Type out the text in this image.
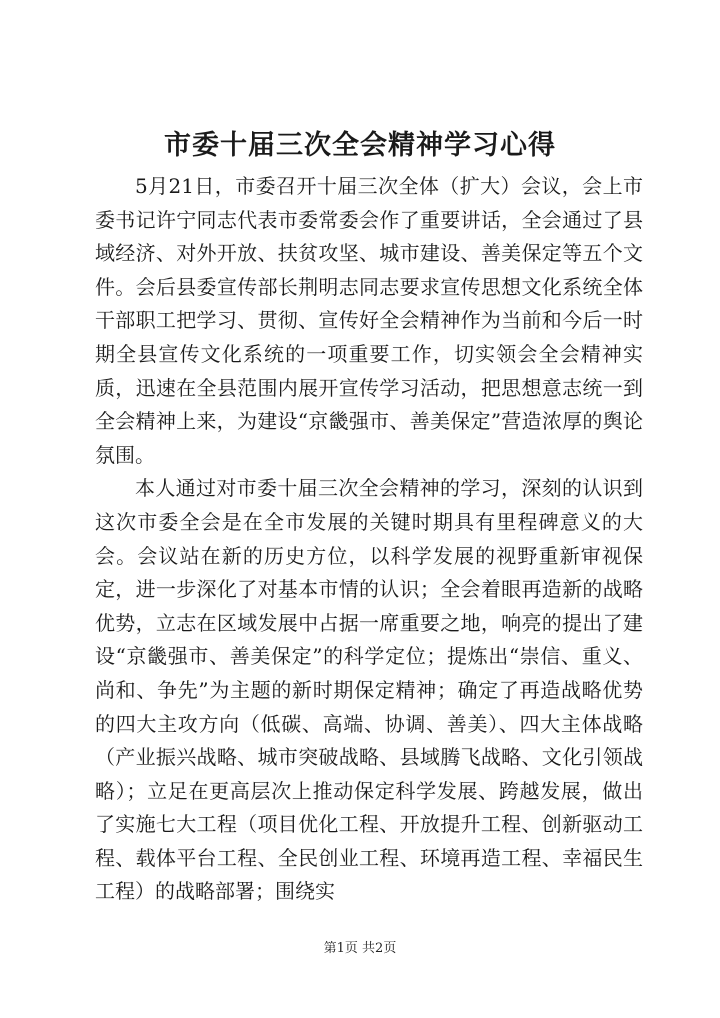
市委十届三次全会精神学习心得

5月21日，市委召开十届三次全体（扩大）会议，会上市委书记许宁同志代表市委常委会作了重要讲话，全会通过了县域经济、对外开放、扶贫攻坚、城市建设、善美保定等五个文件。会后县委宣传部长荆明志同志要求宣传思想文化系统全体干部职工把学习、贯彻、宣传好全会精神作为当前和今后一时期全县宣传文化系统的一项重要工作，切实领会全会精神实质，迅速在全县范围内展开宣传学习活动，把思想意志统一到全会精神上来，为建设“京畿强市、善美保定”营造浓厚的舆论氛围。

本人通过对市委十届三次全会精神的学习，深刻的认识到这次市委全会是在全市发展的关键时期具有里程碑意义的大会。会议站在新的历史方位，以科学发展的视野重新审视保定，进一步深化了对基本市情的认识；全会着眼再造新的战略优势，立志在区域发展中占据一席重要之地，响亮的提出了建设“京畿强市、善美保定”的科学定位；提炼出“崇信、重义、尚和、争先”为主题的新时期保定精神；确定了再造战略优势的四大主攻方向（低碳、高端、协调、善美）、四大主体战略（产业振兴战略、城市突破战略、县域腾飞战略、文化引领战略）；立足在更高层次上推动保定科学发展、跨越发展，做出了实施七大工程（项目优化工程、开放提升工程、创新驱动工程、载体平台工程、全民创业工程、环境再造工程、幸福民生工程）的战略部署；围绕实

第1页 共2页
